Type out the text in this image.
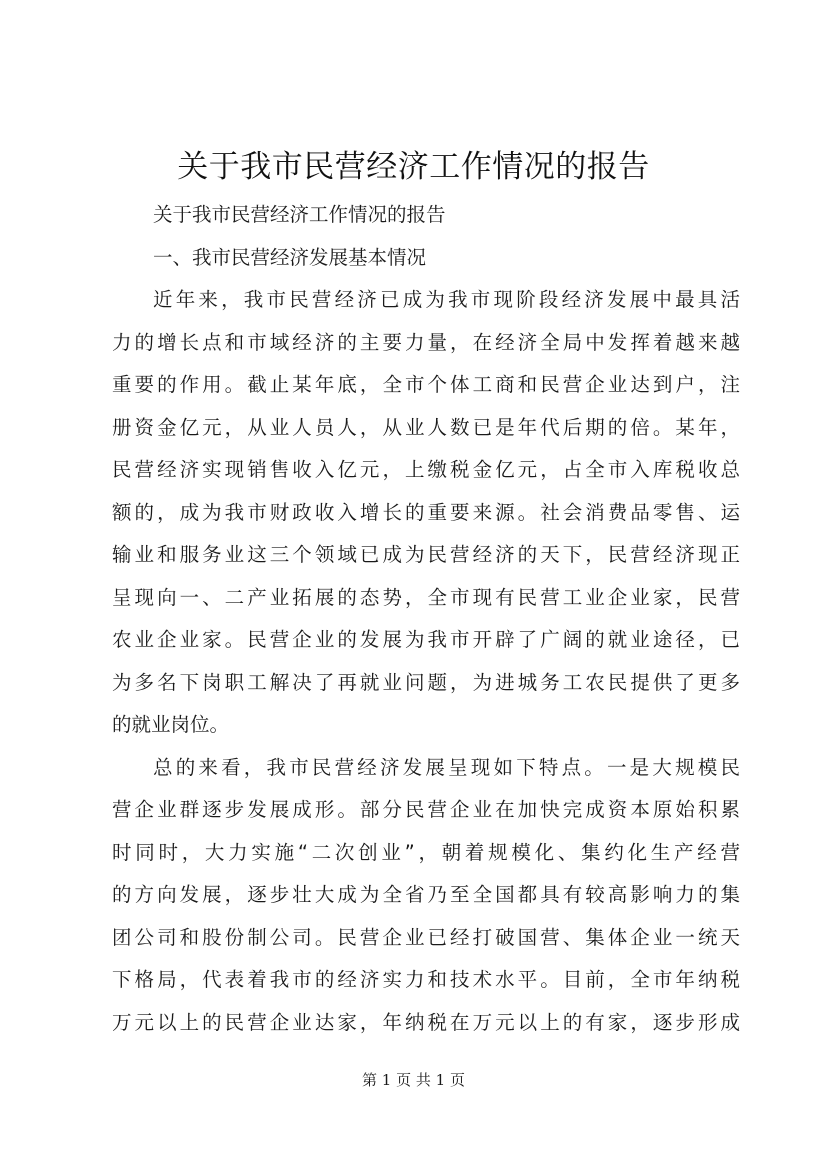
关于我市民营经济工作情况的报告
关于我市民营经济工作情况的报告
一、我市民营经济发展基本情况
近年来，我市民营经济已成为我市现阶段经济发展中最具活
力的增长点和市域经济的主要力量，在经济全局中发挥着越来越
重要的作用。截止某年底，全市个体工商和民营企业达到户，注
册资金亿元，从业人员人，从业人数已是年代后期的倍。某年，
民营经济实现销售收入亿元，上缴税金亿元，占全市入库税收总
额的，成为我市财政收入增长的重要来源。社会消费品零售、运
输业和服务业这三个领域已成为民营经济的天下，民营经济现正
呈现向一、二产业拓展的态势，全市现有民营工业企业家，民营
农业企业家。民营企业的发展为我市开辟了广阔的就业途径，已
为多名下岗职工解决了再就业问题，为进城务工农民提供了更多
的就业岗位。
总的来看，我市民营经济发展呈现如下特点。一是大规模民
营企业群逐步发展成形。部分民营企业在加快完成资本原始积累
时同时，大力实施“二次创业”，朝着规模化、集约化生产经营
的方向发展，逐步壮大成为全省乃至全国都具有较高影响力的集
团公司和股份制公司。民营企业已经打破国营、集体企业一统天
下格局，代表着我市的经济实力和技术水平。目前，全市年纳税
万元以上的民营企业达家，年纳税在万元以上的有家，逐步形成
第 1 页 共 1 页
